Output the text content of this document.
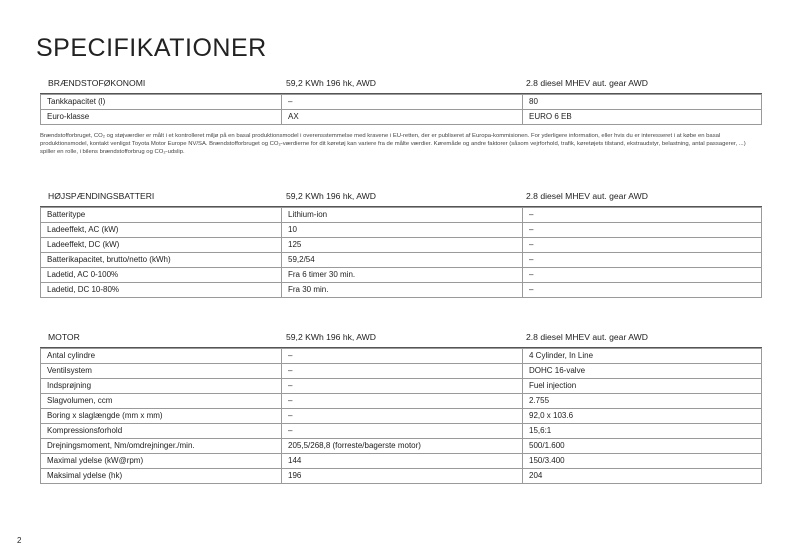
SPECIFIKATIONER
BRÆNDSTOFØKONOMI	59,2 KWh 196 hk, AWD	2.8 diesel MHEV aut. gear AWD
Tankkapacitet (l)	–	80
Euro-klasse	AX	EURO 6 EB
Brændstofforbruget, CO₂ og støjværdier er målt i et kontrolleret miljø på en basal produktionsmodel i overensstemmelse med kravene i EU-retten, der er publiseret af Europa-kommisionen. For yderligere information, eller hvis du er interesseret i at købe en basal produktionsmodel, kontakt venligst Toyota Motor Europe NV/SA. Brændstofforbruget og CO₂-værdierne for dit køretøj kan variere fra de målte værdier. Køremåde og andre faktorer (såsom vejrforhold, trafik, køretøjets tilstand, ekstraudstyr, belastning, antal passagerer, ...) spiller en rolle, i bilens brændstofforbrug og CO₂-udslip.
HØJSPÆNDINGSBATTERI	59,2 KWh 196 hk, AWD	2.8 diesel MHEV aut. gear AWD
Batteritype	Lithium-ion	–
Ladeeffekt, AC (kW)	10	–
Ladeeffekt, DC (kW)	125	–
Batterikapacitet, brutto/netto (kWh)	59,2/54	–
Ladetid, AC 0-100%	Fra 6 timer 30 min.	–
Ladetid, DC 10-80%	Fra 30 min.	–
MOTOR	59,2 KWh 196 hk, AWD	2.8 diesel MHEV aut. gear AWD
Antal cylindre	–	4 Cylinder, In Line
Ventilsystem	–	DOHC 16-valve
Indsprøjning	–	Fuel injection
Slagvolumen, ccm	–	2.755
Boring x slaglængde (mm x mm)	–	92,0 x 103.6
Kompressionsforhold	–	15,6:1
Drejningsmoment, Nm/omdrejninger./min.	205,5/268,8 (forreste/bagerste motor)	500/1.600
Maximal ydelse (kW@rpm)	144	150/3.400
Maksimal ydelse (hk)	196	204
2
